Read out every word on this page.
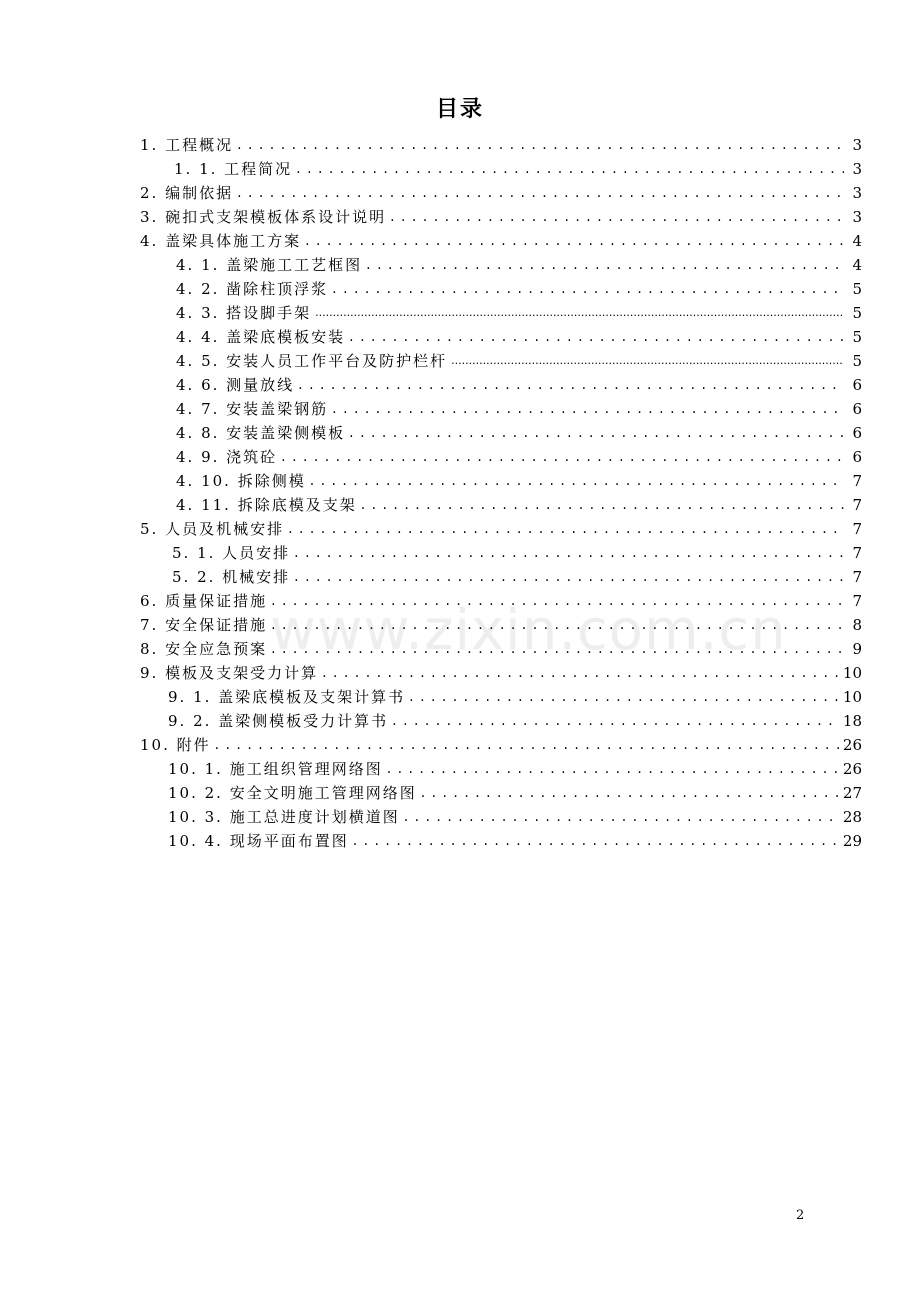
目录
1. 工程概况 . . .	3
1. 1. 工程简况 . . .	3
2. 编制依据 . . .	3
3. 碗扣式支架模板体系设计说明 . . .	3
4. 盖梁具体施工方案 . . .	4
4. 1. 盖梁施工工艺框图 . . .	4
4. 2. 凿除柱顶浮浆 . . .	5
4. 3. 搭设脚手架 .....	5
4. 4. 盖梁底模板安装 . . .	5
4. 5. 安装人员工作平台及防护栏杆 .....	5
4. 6. 测量放线 . . .	6
4. 7. 安装盖梁钢筋 . . .	6
4. 8. 安装盖梁侧模板 . . .	6
4. 9. 浇筑砼 . . .	6
4. 10. 拆除侧模 . . .	7
4. 11. 拆除底模及支架 . . .	7
5. 人员及机械安排 . . .	7
5. 1. 人员安排 . . .	7
5. 2. 机械安排 . . .	7
6. 质量保证措施 . . .	7
7. 安全保证措施 . . .	8
8. 安全应急预案 . . .	9
9. 模板及支架受力计算 . . .	10
9. 1. 盖梁底模板及支架计算书 . . .	10
9. 2. 盖梁侧模板受力计算书 . . .	18
10. 附件 . . .	26
10. 1. 施工组织管理网络图 . . .	26
10. 2. 安全文明施工管理网络图 . . .	27
10. 3. 施工总进度计划横道图 . . .	28
10. 4. 现场平面布置图 . . .	29
www.zixin.com.cn
2
